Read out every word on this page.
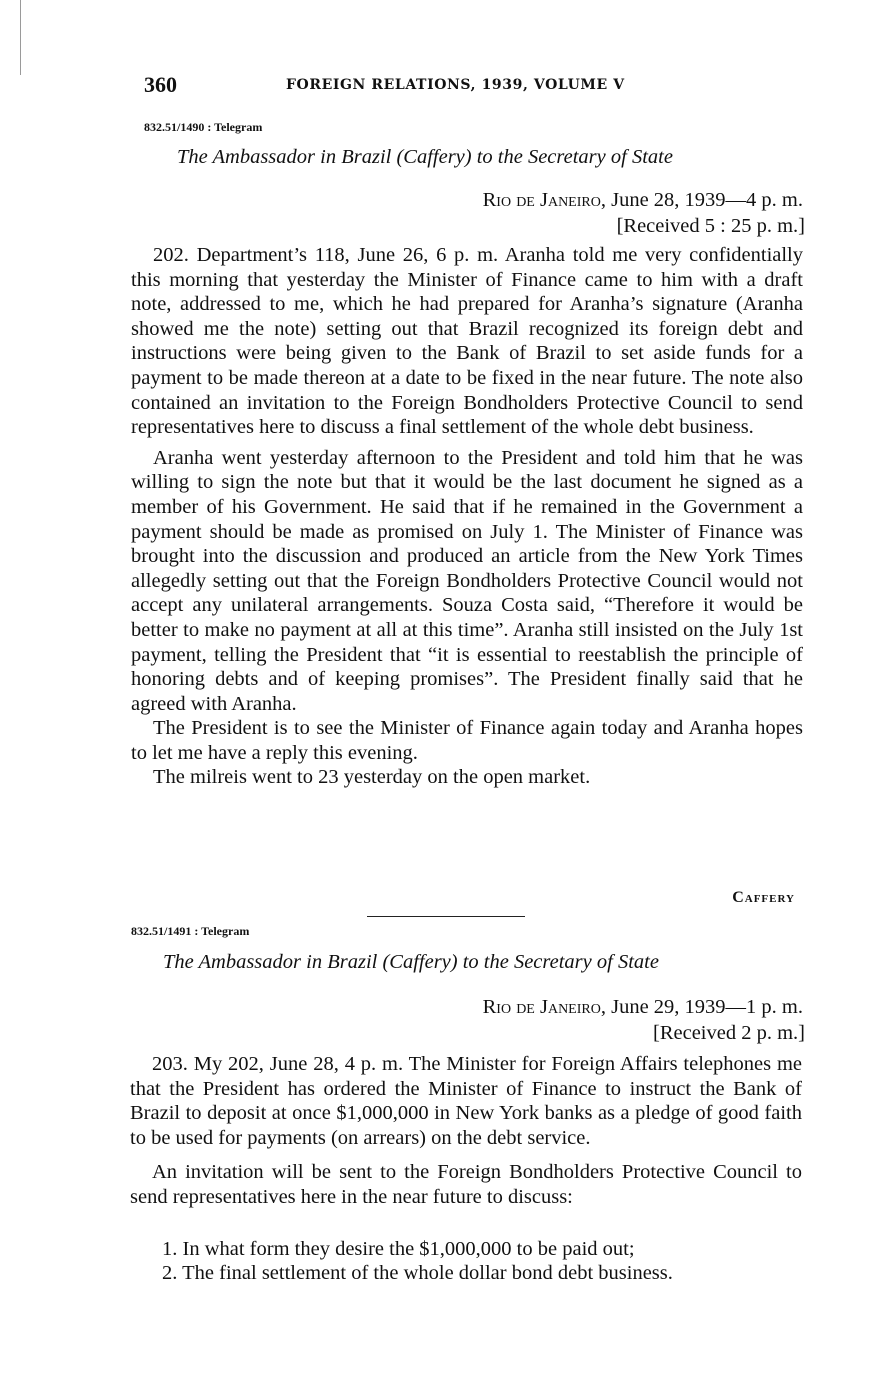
360	FOREIGN RELATIONS, 1939, VOLUME V
832.51/1490 : Telegram
The Ambassador in Brazil (Caffery) to the Secretary of State
Rio de Janeiro, June 28, 1939—4 p. m.
[Received 5 : 25 p. m.]

202. Department’s 118, June 26, 6 p. m. Aranha told me very confidentially this morning that yesterday the Minister of Finance came to him with a draft note, addressed to me, which he had prepared for Aranha’s signature (Aranha showed me the note) setting out that Brazil recognized its foreign debt and instructions were being given to the Bank of Brazil to set aside funds for a payment to be made thereon at a date to be fixed in the near future. The note also contained an invitation to the Foreign Bondholders Protective Council to send representatives here to discuss a final settlement of the whole debt business.

Aranha went yesterday afternoon to the President and told him that he was willing to sign the note but that it would be the last document he signed as a member of his Government. He said that if he remained in the Government a payment should be made as promised on July 1. The Minister of Finance was brought into the discussion and produced an article from the New York Times allegedly setting out that the Foreign Bondholders Protective Council would not accept any unilateral arrangements. Souza Costa said, “Therefore it would be better to make no payment at all at this time”. Aranha still insisted on the July 1st payment, telling the President that “it is essential to reestablish the principle of honoring debts and of keeping promises”. The President finally said that he agreed with Aranha.

The President is to see the Minister of Finance again today and Aranha hopes to let me have a reply this evening.

The milreis went to 23 yesterday on the open market.

Caffery
832.51/1491 : Telegram
The Ambassador in Brazil (Caffery) to the Secretary of State
Rio de Janeiro, June 29, 1939—1 p. m.
[Received 2 p. m.]

203. My 202, June 28, 4 p. m. The Minister for Foreign Affairs telephones me that the President has ordered the Minister of Finance to instruct the Bank of Brazil to deposit at once $1,000,000 in New York banks as a pledge of good faith to be used for payments (on arrears) on the debt service.

An invitation will be sent to the Foreign Bondholders Protective Council to send representatives here in the near future to discuss:

1. In what form they desire the $1,000,000 to be paid out;
2. The final settlement of the whole dollar bond debt business.
